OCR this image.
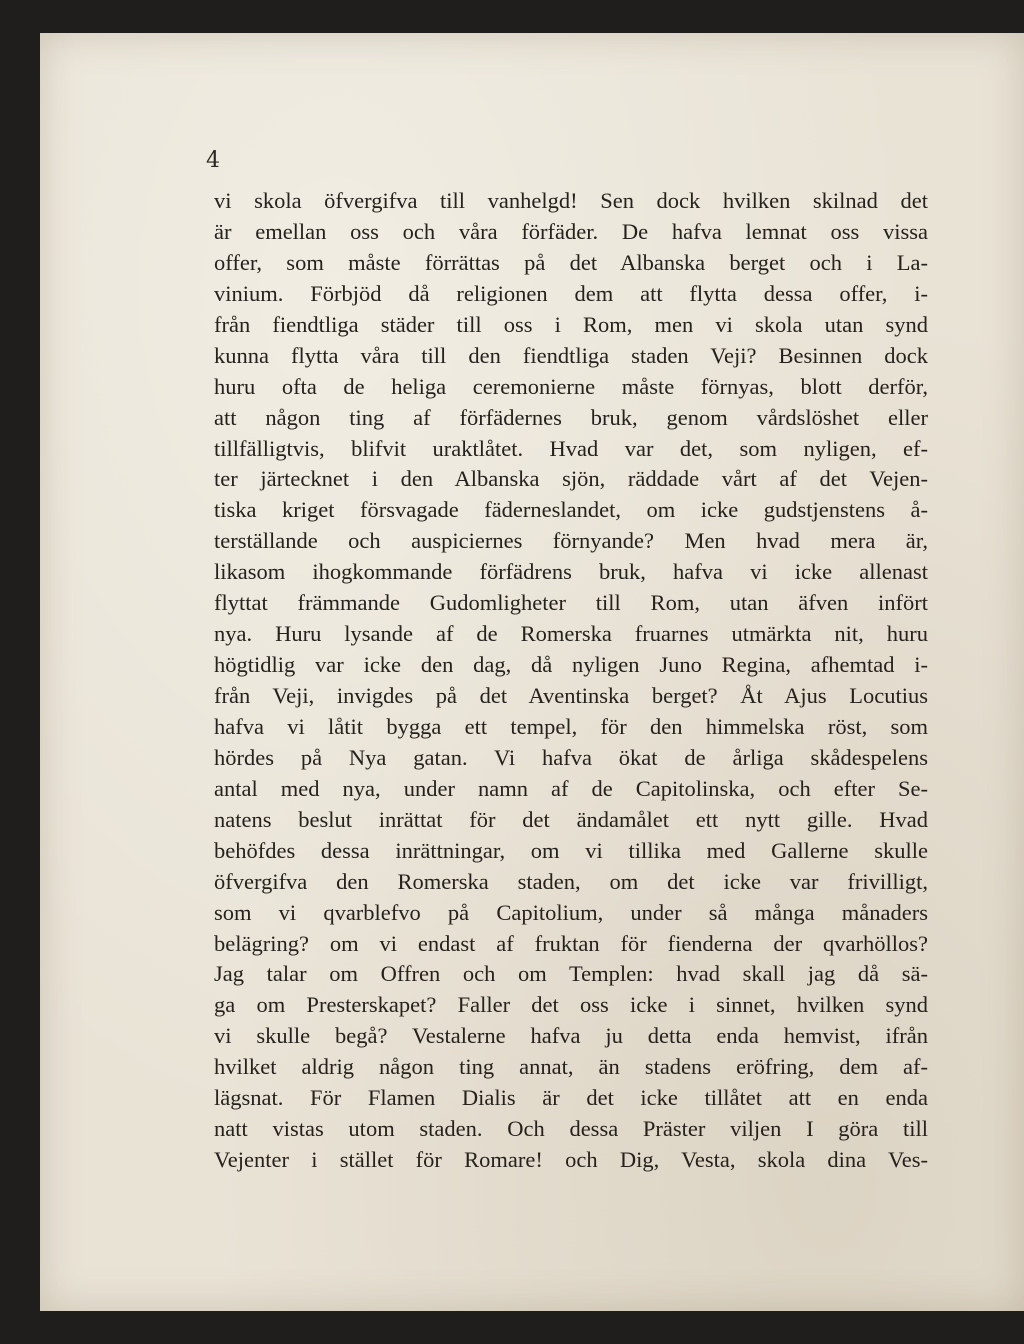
4
vi skola öfvergifva till vanhelgd! Sen dock hvilken skilnad det
är emellan oss och våra förfäder. De hafva lemnat oss vissa
offer, som måste förrättas på det Albanska berget och i La-
vinium. Förbjöd då religionen dem att flytta dessa offer, i-
från fiendtliga städer till oss i Rom, men vi skola utan synd
kunna flytta våra till den fiendtliga staden Veji? Besinnen dock
huru ofta de heliga ceremonierne måste förnyas, blott derför,
att någon ting af förfädernes bruk, genom vårdslöshet eller
tillfälligtvis, blifvit uraktlåtet. Hvad var det, som nyligen, ef-
ter järtecknet i den Albanska sjön, räddade vårt af det Vejen-
tiska kriget försvagade fäderneslandet, om icke gudstjenstens å-
terställande och auspiciernes förnyande? Men hvad mera är,
likasom ihogkommande förfädrens bruk, hafva vi icke allenast
flyttat främmande Gudomligheter till Rom, utan äfven infört
nya. Huru lysande af de Romerska fruarnes utmärkta nit, huru
högtidlig var icke den dag, då nyligen Juno Regina, afhemtad i-
från Veji, invigdes på det Aventinska berget? Åt Ajus Locutius
hafva vi låtit bygga ett tempel, för den himmelska röst, som
hördes på Nya gatan. Vi hafva ökat de årliga skådespelens
antal med nya, under namn af de Capitolinska, och efter Se-
natens beslut inrättat för det ändamålet ett nytt gille. Hvad
behöfdes dessa inrättningar, om vi tillika med Gallerne skulle
öfvergifva den Romerska staden, om det icke var frivilligt,
som vi qvarblefvo på Capitolium, under så många månaders
belägring? om vi endast af fruktan för fienderna der qvarhöllos?
Jag talar om Offren och om Templen: hvad skall jag då sä-
ga om Presterskapet? Faller det oss icke i sinnet, hvilken synd
vi skulle begå? Vestalerne hafva ju detta enda hemvist, ifrån
hvilket aldrig någon ting annat, än stadens eröfring, dem af-
lägsnat. För Flamen Dialis är det icke tillåtet att en enda
natt vistas utom staden. Och dessa Präster viljen I göra till
Vejenter i stället för Romare! och Dig, Vesta, skola dina Ves-
